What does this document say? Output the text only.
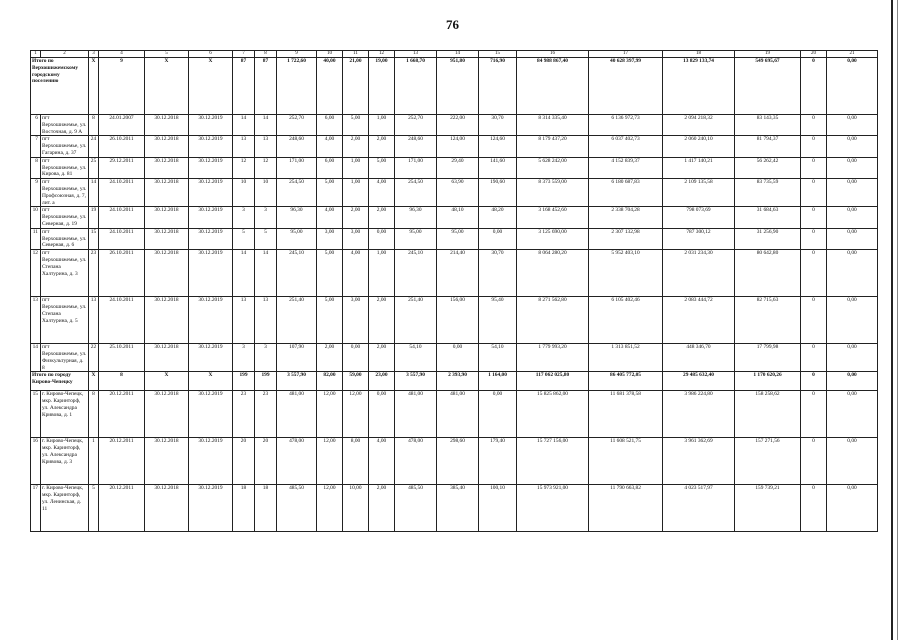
76
1	2	3	4	5	6	7	8	9	10	11	12	13	14	15	16	17	18	19	20	21
Итого по Верхошижемскому городскому поселению		Х	9	Х	Х	87	87	1 722,60	40,00	21,00	19,00	1 668,70	951,80	716,90	84 988 867,40	40 628 397,99	13 829 133,74	549 695,67	0	0,00
6	пгт Верхошижемье, ул. Восточная, д. 9 А	8	24.01.2007	30.12.2018	30.12.2019	14	14	252,70	6,00	5,00	1,00	252,70	222,00	30,70	8 314 335,40	6 136 972,73	2 094 218,32	83 143,35	0	0,00
7	пгт Верхошижемье, ул. Гагарина, д. 37	24	26.10.2011	30.12.2018	30.12.2019	13	13	248,60	4,00	2,00	2,00	248,60	124,00	124,60	8 179 437,20	6 037 402,73	2 060 240,10	81 794,37	0	0,00
8	пгт Верхошижемье, ул. Кирова, д. 81	25	29.12.2011	30.12.2018	30.12.2019	12	12	171,00	6,00	1,00	5,00	171,00	29,40	141,60	5 628 242,00	4 152 839,37	1 417 140,21	56 262,42	0	0,00
9	пгт Верхошижемье, ул. Профсоюзная, д. 7, лит. а	14	24.10.2011	30.12.2018	30.12.2019	10	10	254,50	5,00	1,00	4,00	254,50	63,90	190,60	8 373 559,00	6 180 687,83	2 109 135,58	83 735,59	0	0,00
10	пгт Верхошижемье, ул. Северная, д. 19	19	24.10.2011	30.12.2018	30.12.2019	3	3	96,30	4,00	2,00	2,00	96,30	48,10	48,20	3 168 452,60	2 338 704,28	798 073,69	31 684,63	0	0,00
11	пгт Верхошижемье, ул. Северная, д. 6	15	24.10.2011	30.12.2018	30.12.2019	5	5	95,00	3,00	3,00	0,00	95,00	95,00	0,00	3 125 690,00	2 307 132,98	787 300,12	31 256,90	0	0,00
12	пгт Верхошижемье, ул. Степана Халтурина, д. 3	23	26.10.2011	30.12.2018	30.12.2019	14	14	245,10	5,00	4,00	1,00	245,10	214,40	30,70	8 064 280,20	5 952 403,10	2 031 234,30	80 642,80	0	0,00
13	пгт Верхошижемье, ул. Степана Халтурина, д. 5	13	24.10.2011	30.12.2018	30.12.2019	13	13	251,40	5,00	3,00	2,00	251,40	156,00	95,40	8 271 562,80	6 105 402,46	2 083 444,72	82 715,63	0	0,00
14	пгт Верхошижемье, ул. Физкультурная, д. 8	22	25.10.2011	30.12.2018	30.12.2019	3	3	107,90	2,00	0,00	2,00	54,10	0,00	54,10	1 779 993,20	1 313 851,52	448 346,70	17 799,98	0	0,00
Итого по городу Кирово-Чепецку		Х	8	Х	Х	199	199	3 557,90	82,00	59,00	23,00	3 557,90	2 393,90	1 164,00	117 062 025,80	86 405 772,05	29 485 632,40	1 170 620,26	0	0,00
15	г. Кирово-Чепецк, мкр. Каринторф, ул. Александра Кривова, д. 1	8	20.12.2011	30.12.2018	30.12.2019	23	23	481,00	12,00	12,00	0,00	481,00	481,00	0,00	15 825 862,00	11 681 378,58	3 986 224,80	158 258,62	0	0,00
16	г. Кирово-Чепецк, мкр. Каринторф, ул. Александра Кривова, д. 3	1	20.12.2011	30.12.2018	30.12.2019	20	20	478,00	12,00	8,00	4,00	478,00	298,60	179,40	15 727 156,00	11 608 521,75	3 961 362,69	157 271,56	0	0,00
17	г. Кирово-Чепецк, мкр. Каринторф, ул. Ленинская, д. 11	5	20.12.2011	30.12.2018	30.12.2019	18	18	485,50	12,00	10,00	2,00	485,50	385,40	100,10	15 973 921,00	11 790 663,82	4 023 517,97	159 739,21	0	0,00
